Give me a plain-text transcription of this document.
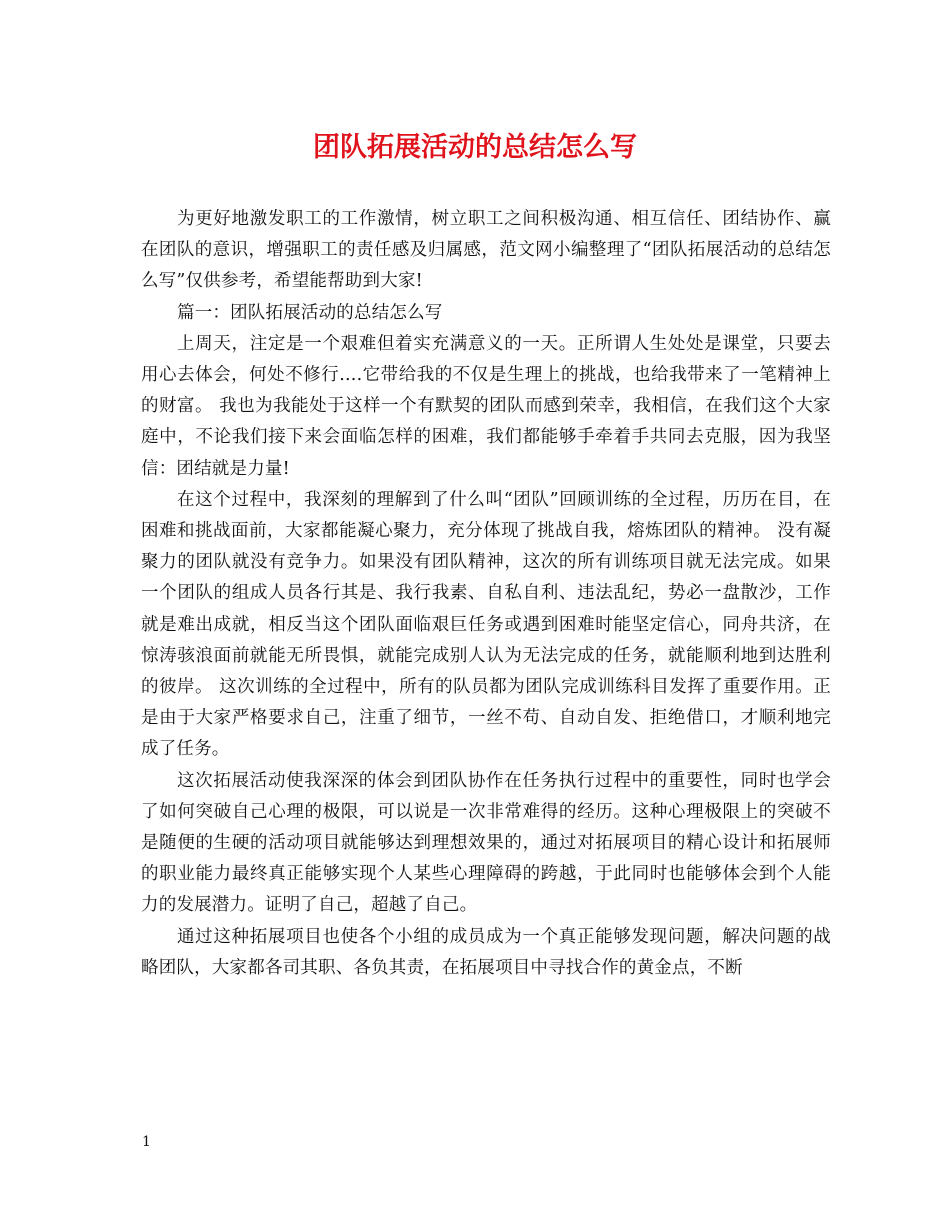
团队拓展活动的总结怎么写

为更好地激发职工的工作激情，树立职工之间积极沟通、相互信任、团结协作、赢在团队的意识，增强职工的责任感及归属感，范文网小编整理了“团队拓展活动的总结怎么写”仅供参考，希望能帮助到大家!

篇一：团队拓展活动的总结怎么写

上周天，注定是一个艰难但着实充满意义的一天。正所谓人生处处是课堂，只要去用心去体会，何处不修行....它带给我的不仅是生理上的挑战，也给我带来了一笔精神上的财富。 我也为我能处于这样一个有默契的团队而感到荣幸，我相信，在我们这个大家庭中，不论我们接下来会面临怎样的困难，我们都能够手牵着手共同去克服，因为我坚信：团结就是力量!

在这个过程中，我深刻的理解到了什么叫“团队”回顾训练的全过程，历历在目，在困难和挑战面前，大家都能凝心聚力，充分体现了挑战自我，熔炼团队的精神。 没有凝聚力的团队就没有竞争力。如果没有团队精神，这次的所有训练项目就无法完成。如果一个团队的组成人员各行其是、我行我素、自私自利、违法乱纪，势必一盘散沙，工作就是难出成就，相反当这个团队面临艰巨任务或遇到困难时能坚定信心，同舟共济，在惊涛骇浪面前就能无所畏惧，就能完成别人认为无法完成的任务，就能顺利地到达胜利的彼岸。 这次训练的全过程中，所有的队员都为团队完成训练科目发挥了重要作用。正是由于大家严格要求自己，注重了细节，一丝不苟、自动自发、拒绝借口，才顺利地完成了任务。

这次拓展活动使我深深的体会到团队协作在任务执行过程中的重要性，同时也学会了如何突破自己心理的极限，可以说是一次非常难得的经历。这种心理极限上的突破不是随便的生硬的活动项目就能够达到理想效果的，通过对拓展项目的精心设计和拓展师的职业能力最终真正能够实现个人某些心理障碍的跨越，于此同时也能够体会到个人能力的发展潜力。证明了自己，超越了自己。

通过这种拓展项目也使各个小组的成员成为一个真正能够发现问题，解决问题的战略团队，大家都各司其职、各负其责，在拓展项目中寻找合作的黄金点，不断

1
